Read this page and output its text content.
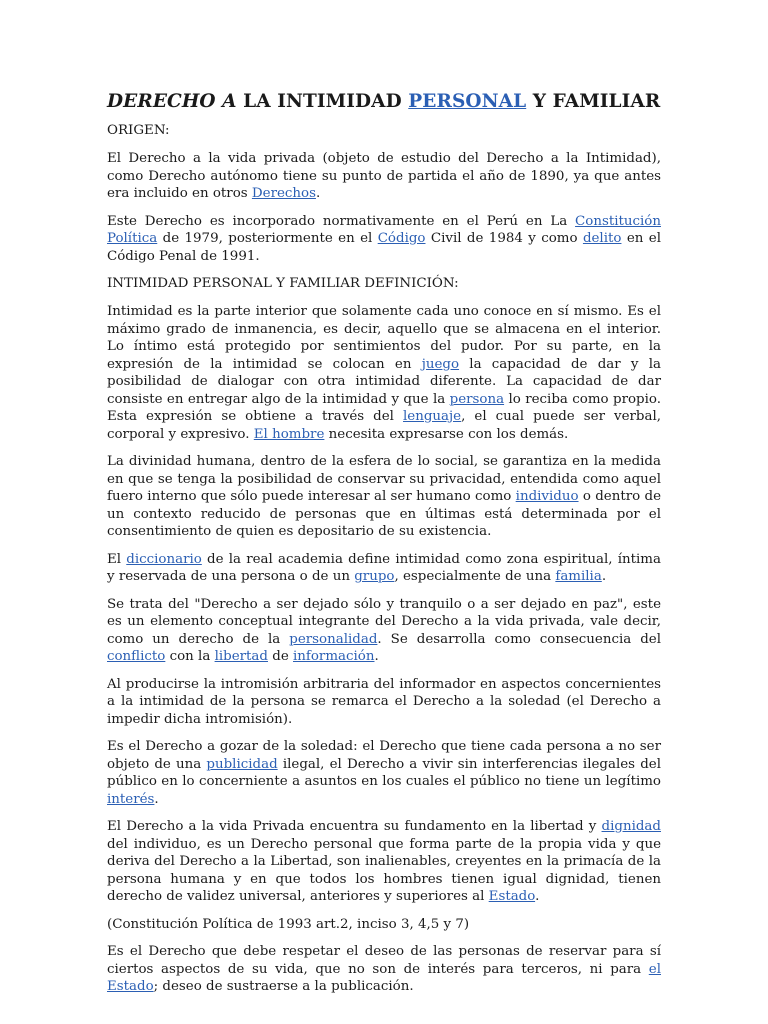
DERECHO A LA INTIMIDAD PERSONAL Y FAMILIAR
ORIGEN:

El Derecho a la vida privada (objeto de estudio del Derecho a la Intimidad), como Derecho autónomo tiene su punto de partida el año de 1890, ya que antes era incluido en otros Derechos.

Este Derecho es incorporado normativamente en el Perú en La Constitución Política de 1979, posteriormente en el Código Civil de 1984 y como delito en el Código Penal de 1991.

INTIMIDAD PERSONAL Y FAMILIAR DEFINICIÓN:

Intimidad es la parte interior que solamente cada uno conoce en sí mismo. Es el máximo grado de inmanencia, es decir, aquello que se almacena en el interior. Lo íntimo está protegido por sentimientos del pudor. Por su parte, en la expresión de la intimidad se colocan en juego la capacidad de dar y la posibilidad de dialogar con otra intimidad diferente. La capacidad de dar consiste en entregar algo de la intimidad y que la persona lo reciba como propio. Esta expresión se obtiene a través del lenguaje, el cual puede ser verbal, corporal y expresivo. El hombre necesita expresarse con los demás.

La divinidad humana, dentro de la esfera de lo social, se garantiza en la medida en que se tenga la posibilidad de conservar su privacidad, entendida como aquel fuero interno que sólo puede interesar al ser humano como individuo o dentro de un contexto reducido de personas que en últimas está determinada por el consentimiento de quien es depositario de su existencia.

El diccionario de la real academia define intimidad como zona espiritual, íntima y reservada de una persona o de un grupo, especialmente de una familia.

Se trata del "Derecho a ser dejado sólo y tranquilo o a ser dejado en paz", este es un elemento conceptual integrante del Derecho a la vida privada, vale decir, como un derecho de la personalidad. Se desarrolla como consecuencia del conflicto con la libertad de información.

Al producirse la intromisión arbitraria del informador en aspectos concernientes a la intimidad de la persona se remarca el Derecho a la soledad (el Derecho a impedir dicha intromisión).

Es el Derecho a gozar de la soledad: el Derecho que tiene cada persona a no ser objeto de una publicidad ilegal, el Derecho a vivir sin interferencias ilegales del público en lo concerniente a asuntos en los cuales el público no tiene un legítimo interés.

El Derecho a la vida Privada encuentra su fundamento en la libertad y dignidad del individuo, es un Derecho personal que forma parte de la propia vida y que deriva del Derecho a la Libertad, son inalienables, creyentes en la primacía de la persona humana y en que todos los hombres tienen igual dignidad, tienen derecho de validez universal, anteriores y superiores al Estado.

(Constitución Política de 1993 art.2, inciso 3, 4,5 y 7)

Es el Derecho que debe respetar el deseo de las personas de reservar para sí ciertos aspectos de su vida, que no son de interés para terceros, ni para el Estado; deseo de sustraerse a la publicación.
